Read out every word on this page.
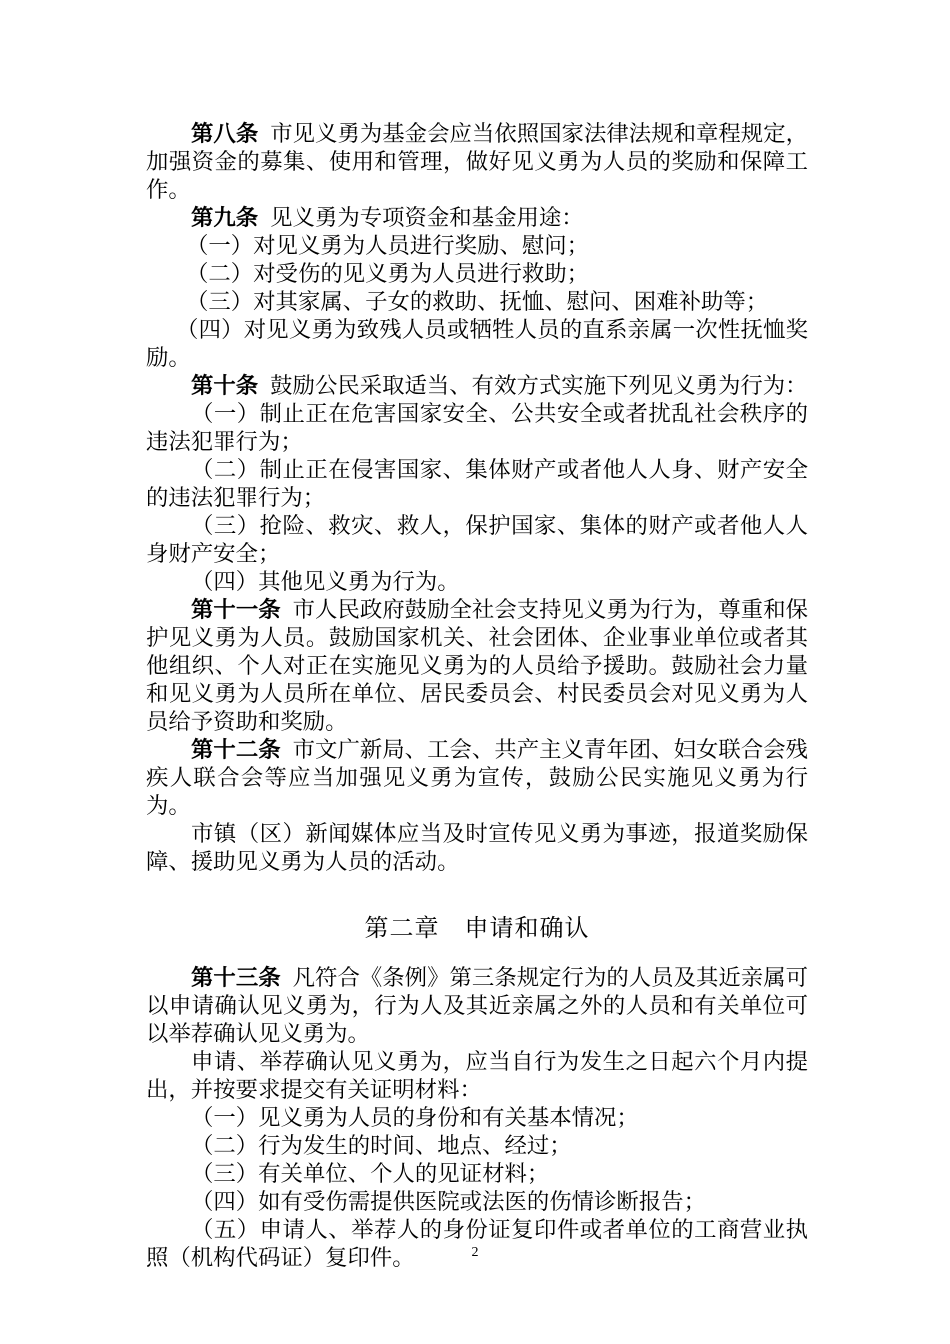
第八条 市见义勇为基金会应当依照国家法律法规和章程规定，加强资金的募集、使用和管理，做好见义勇为人员的奖励和保障工作。

第九条 见义勇为专项资金和基金用途：

（一）对见义勇为人员进行奖励、慰问；

（二）对受伤的见义勇为人员进行救助；

（三）对其家属、子女的救助、抚恤、慰问、困难补助等；

（四）对见义勇为致残人员或牺牲人员的直系亲属一次性抚恤奖励。

第十条 鼓励公民采取适当、有效方式实施下列见义勇为行为：

（一）制止正在危害国家安全、公共安全或者扰乱社会秩序的违法犯罪行为；

（二）制止正在侵害国家、集体财产或者他人人身、财产安全的违法犯罪行为；

（三）抢险、救灾、救人，保护国家、集体的财产或者他人人身财产安全；

（四）其他见义勇为行为。

第十一条 市人民政府鼓励全社会支持见义勇为行为，尊重和保护见义勇为人员。鼓励国家机关、社会团体、企业事业单位或者其他组织、个人对正在实施见义勇为的人员给予援助。鼓励社会力量和见义勇为人员所在单位、居民委员会、村民委员会对见义勇为人员给予资助和奖励。

第十二条 市文广新局、工会、共产主义青年团、妇女联合会残疾人联合会等应当加强见义勇为宣传，鼓励公民实施见义勇为行为。

市镇（区）新闻媒体应当及时宣传见义勇为事迹，报道奖励保障、援助见义勇为人员的活动。

第二章　申请和确认

第十三条 凡符合《条例》第三条规定行为的人员及其近亲属可以申请确认见义勇为，行为人及其近亲属之外的人员和有关单位可以举荐确认见义勇为。

申请、举荐确认见义勇为，应当自行为发生之日起六个月内提出，并按要求提交有关证明材料：

（一）见义勇为人员的身份和有关基本情况；

（二）行为发生的时间、地点、经过；

（三）有关单位、个人的见证材料；

（四）如有受伤需提供医院或法医的伤情诊断报告；

（五）申请人、举荐人的身份证复印件或者单位的工商营业执照（机构代码证）复印件。	2
